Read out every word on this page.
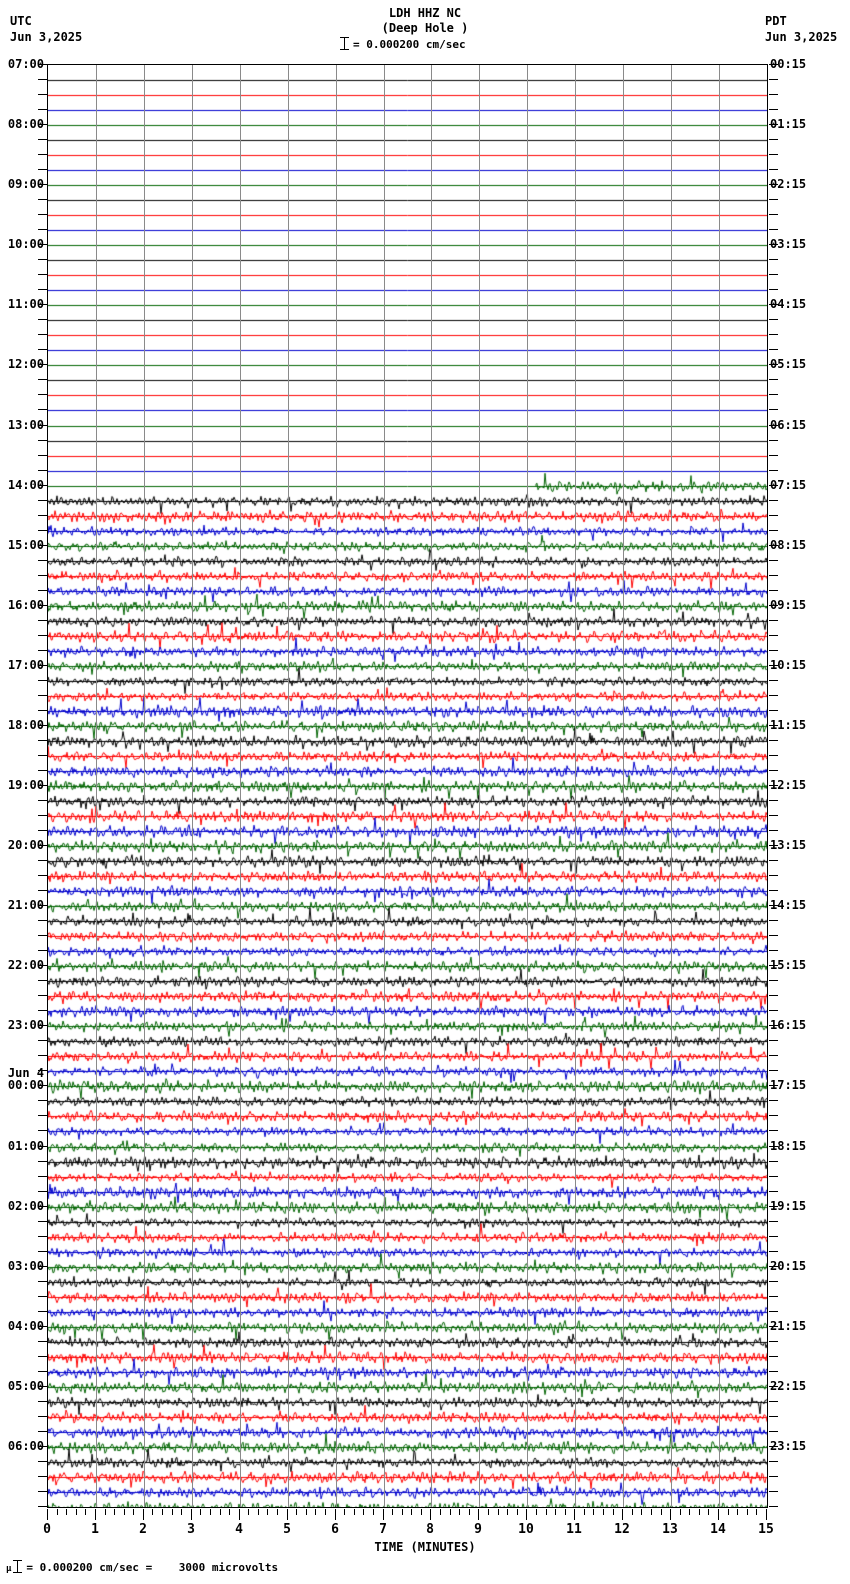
UTC
Jun 3,2025
PDT
Jun 3,2025
LDH HHZ NC
(Deep Hole )
= 0.000200 cm/sec
07:00	00:15
08:00	01:15
09:00	02:15
10:00	03:15
11:00	04:15
12:00	05:15
13:00	06:15
14:00	07:15
15:00	08:15
16:00	09:15
17:00	10:15
18:00	11:15
19:00	12:15
20:00	13:15
21:00	14:15
22:00	15:15
23:00	16:15
00:00	17:15
Jun 4
01:00	18:15
02:00	19:15
03:00	20:15
04:00	21:15
05:00	22:15
06:00	23:15
0	1	2	3	4	5	6	7	8	9	10	11	12	13	14	15
TIME (MINUTES)
µ = 0.000200 cm/sec =    3000 microvolts
